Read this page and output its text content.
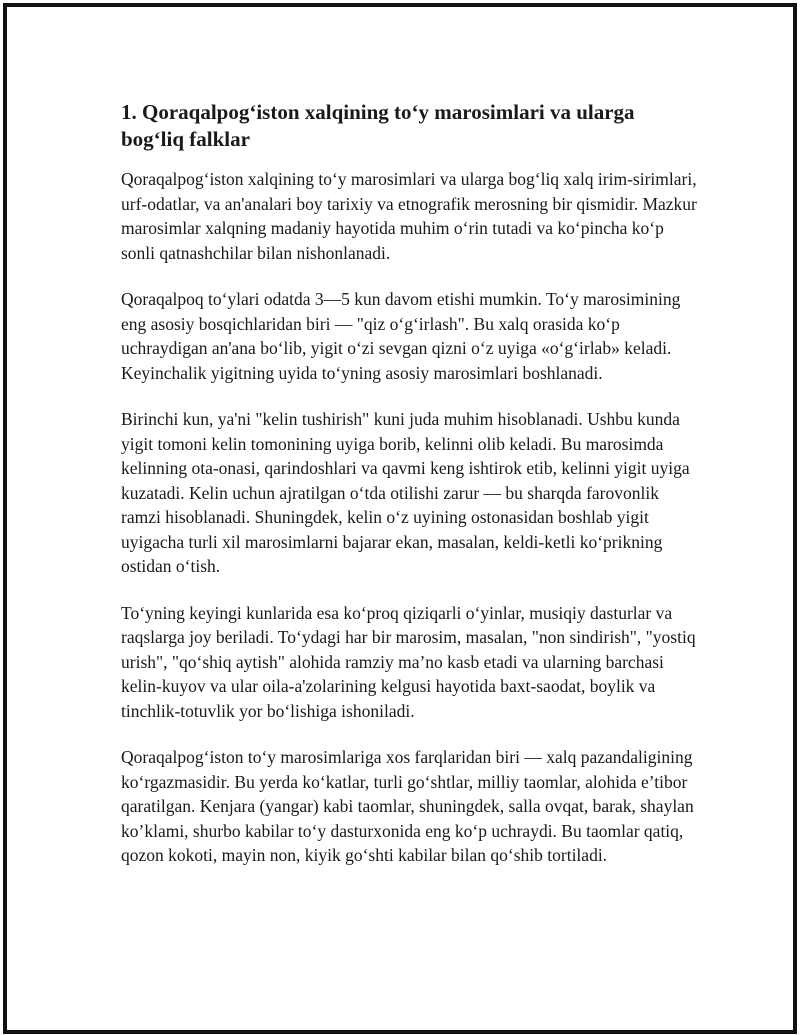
1. Qoraqalpog‘iston xalqining to‘y marosimlari va ularga bog‘liq falklar

Qoraqalpog‘iston xalqining to‘y marosimlari va ularga bog‘liq xalq irim-sirimlari, urf-odatlar, va an'analari boy tarixiy va etnografik merosning bir qismidir. Mazkur marosimlar xalqning madaniy hayotida muhim o‘rin tutadi va ko‘pincha ko‘p sonli qatnashchilar bilan nishonlanadi.

Qoraqalpoq to‘ylari odatda 3—5 kun davom etishi mumkin. To‘y marosimining eng asosiy bosqichlaridan biri — "qiz o‘g‘irlash". Bu xalq orasida ko‘p uchraydigan an'ana bo‘lib, yigit o‘zi sevgan qizni o‘z uyiga «o‘g‘irlab» keladi. Keyinchalik yigitning uyida to‘yning asosiy marosimlari boshlanadi.

Birinchi kun, ya'ni "kelin tushirish" kuni juda muhim hisoblanadi. Ushbu kunda yigit tomoni kelin tomonining uyiga borib, kelinni olib keladi. Bu marosimda kelinning ota-onasi, qarindoshlari va qavmi keng ishtirok etib, kelinni yigit uyiga kuzatadi. Kelin uchun ajratilgan o‘tda otilishi zarur — bu sharqda farovonlik ramzi hisoblanadi. Shuningdek, kelin o‘z uyining ostonasidan boshlab yigit uyigacha turli xil marosimlarni bajarar ekan, masalan, keldi-ketli ko‘prikning ostidan o‘tish.

To‘yning keyingi kunlarida esa ko‘proq qiziqarli o‘yinlar, musiqiy dasturlar va raqslarga joy beriladi. To‘ydagi har bir marosim, masalan, "non sindirish", "yostiq urish", "qo‘shiq aytish" alohida ramziy ma’no kasb etadi va ularning barchasi kelin-kuyov va ular oila-a'zolarining kelgusi hayotida baxt-saodat, boylik va tinchlik-totuvlik yor bo‘lishiga ishoniladi.

Qoraqalpog‘iston to‘y marosimlariga xos farqlaridan biri — xalq pazandaligining ko‘rgazmasidir. Bu yerda ko‘katlar, turli go‘shtlar, milliy taomlar, alohida e’tibor qaratilgan. Kenjara (yangar) kabi taomlar, shuningdek, salla ovqat, barak, shaylan ko’klami, shurbo kabilar to‘y dasturxonida eng ko‘p uchraydi. Bu taomlar qatiq, qozon kokoti, mayin non, kiyik go‘shti kabilar bilan qo‘shib tortiladi.
